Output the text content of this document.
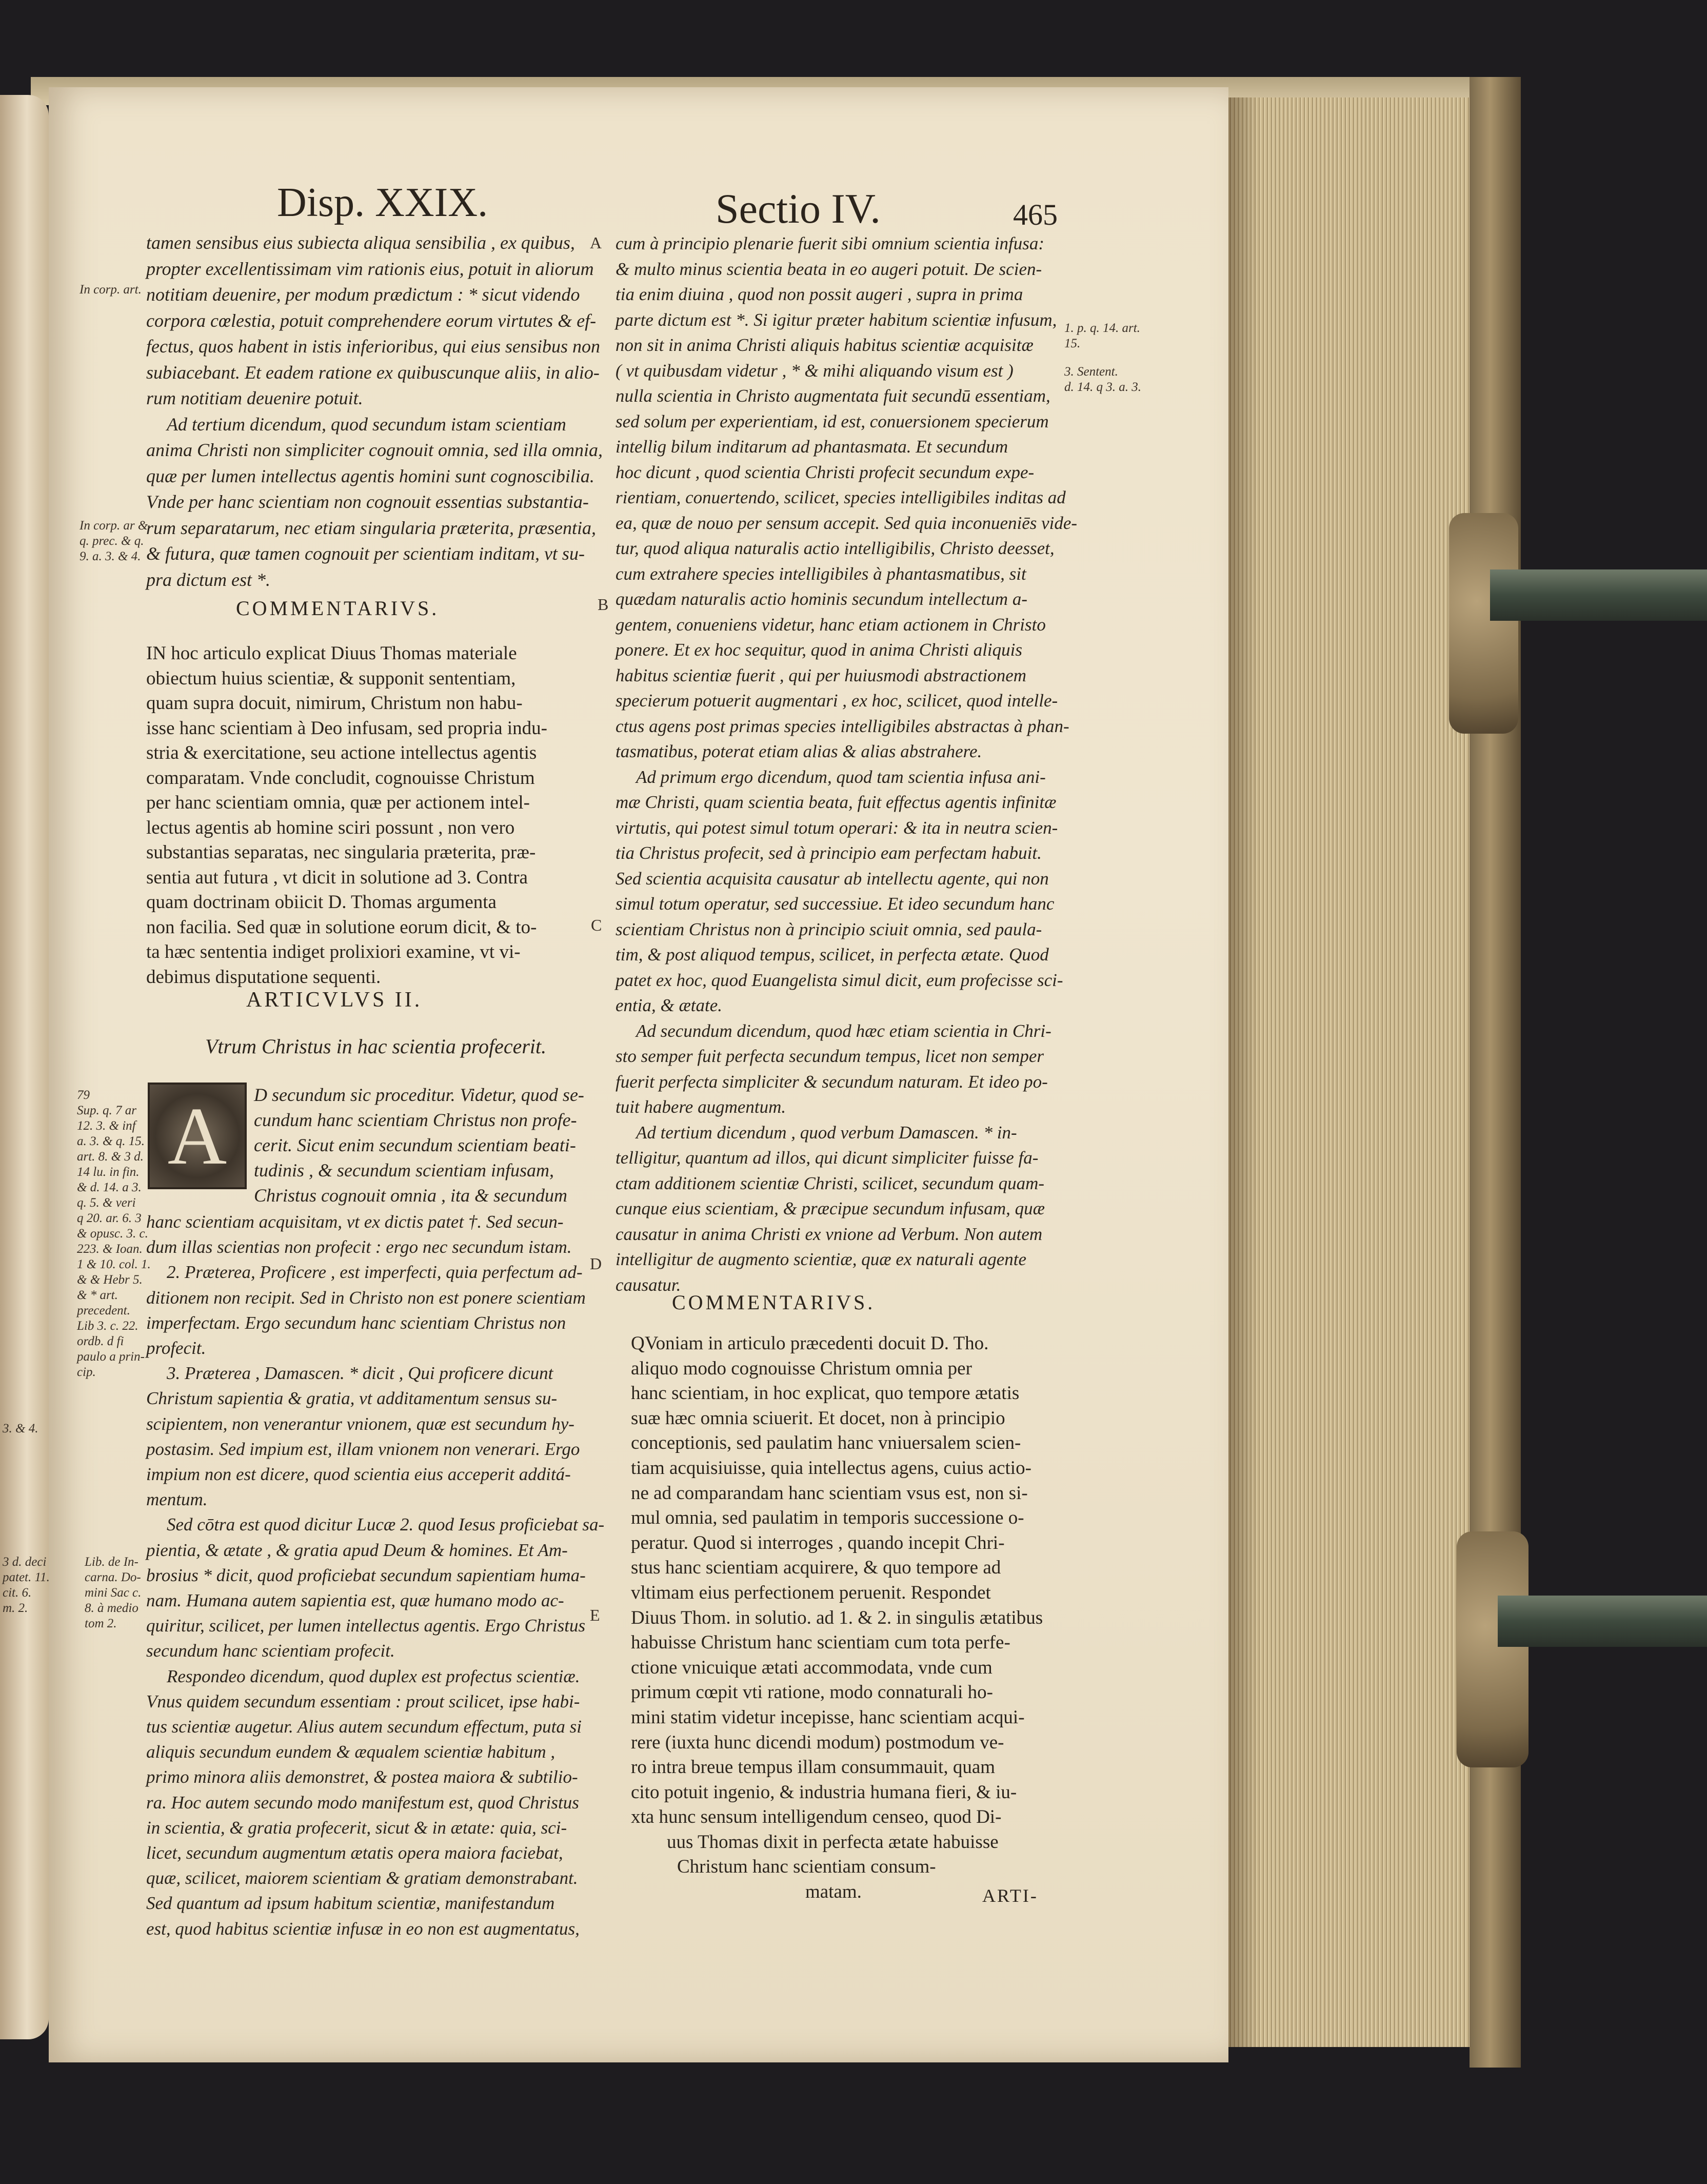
Disp. XXIX.	Sectio IV.	465
A
B
C
D
E
In corp. art.
In corp. ar &
q. prec. & q.
9. a. 3. & 4.
79
Sup. q. 7 ar
12. 3. & inf
a. 3. & q. 15.
art. 8. & 3 d.
14 lu. in fin.
& d. 14. a 3.
q. 5. & veri
q 20. ar. 6. 3
& opusc. 3. c.
223. & Ioan.
1 & 10. col. 1.
& & Hebr 5.
& * art.
precedent.
Lib 3. c. 22.
ordb. d fi
paulo a prin-
cip.
Lib. de In-
carna. Do-
mini Sac c.
8. à medio
tom 2.
3. & 4.
3 d. deci
patet. 11.
cit. 6.
m. 2.
1. p. q. 14. art.
15.
3. Sentent.
d. 14. q 3. a. 3.
tamen sensibus eius subiecta aliqua sensibilia , ex quibus,
propter excellentissimam vim rationis eius, potuit in aliorum
notitiam deuenire, per modum prædictum : * sicut videndo
corpora cœlestia, potuit comprehendere eorum virtutes & ef-
fectus, quos habent in istis inferioribus, qui eius sensibus non
subiacebant. Et eadem ratione ex quibuscunque aliis, in alio-
rum notitiam deuenire potuit.
Ad tertium dicendum, quod secundum istam scientiam
anima Christi non simpliciter cognouit omnia, sed illa omnia,
quæ per lumen intellectus agentis homini sunt cognoscibilia.
Vnde per hanc scientiam non cognouit essentias substantia-
rum separatarum, nec etiam singularia præterita, præsentia,
& futura, quæ tamen cognouit per scientiam inditam, vt su-
pra dictum est *.
COMMENTARIVS.
IN hoc articulo explicat Diuus Thomas materiale
obiectum huius scientiæ, & supponit sententiam,
quam supra docuit, nimirum, Christum non habu-
isse hanc scientiam à Deo infusam, sed propria indu-
stria & exercitatione, seu actione intellectus agentis
comparatam. Vnde concludit, cognouisse Christum
per hanc scientiam omnia, quæ per actionem intel-
lectus agentis ab homine sciri possunt , non vero
substantias separatas, nec singularia præterita, præ-
sentia aut futura , vt dicit in solutione ad 3. Contra
quam doctrinam obiicit D. Thomas argumenta
non facilia. Sed quæ in solutione eorum dicit, & to-
ta hæc sententia indiget prolixiori examine, vt vi-
debimus disputatione sequenti.
ARTICVLVS II.
Vtrum Christus in hac scientia profecerit.
A	D secundum sic proceditur. Videtur, quod se-
cundum hanc scientiam Christus non profe-
cerit. Sicut enim secundum scientiam beati-
tudinis , & secundum scientiam infusam,
Christus cognouit omnia , ita & secundum
hanc scientiam acquisitam, vt ex dictis patet †. Sed secun-
dum illas scientias non profecit : ergo nec secundum istam.
2. Præterea, Proficere , est imperfecti, quia perfectum ad-
ditionem non recipit. Sed in Christo non est ponere scientiam
imperfectam. Ergo secundum hanc scientiam Christus non
profecit.
3. Præterea , Damascen. * dicit , Qui proficere dicunt
Christum sapientia & gratia, vt additamentum sensus su-
scipientem, non venerantur vnionem, quæ est secundum hy-
postasim. Sed impium est, illam vnionem non venerari. Ergo
impium non est dicere, quod scientia eius acceperit additá-
mentum.
Sed cōtra est quod dicitur Lucæ 2. quod Iesus proficiebat sa-
pientia, & ætate , & gratia apud Deum & homines. Et Am-
brosius * dicit, quod proficiebat secundum sapientiam huma-
nam. Humana autem sapientia est, quæ humano modo ac-
quiritur, scilicet, per lumen intellectus agentis. Ergo Christus
secundum hanc scientiam profecit.
Respondeo dicendum, quod duplex est profectus scientiæ.
Vnus quidem secundum essentiam : prout scilicet, ipse habi-
tus scientiæ augetur. Alius autem secundum effectum, puta si
aliquis secundum eundem & æqualem scientiæ habitum ,
primo minora aliis demonstret, & postea maiora & subtilio-
ra. Hoc autem secundo modo manifestum est, quod Christus
in scientia, & gratia profecerit, sicut & in ætate: quia, sci-
licet, secundum augmentum ætatis opera maiora faciebat,
quæ, scilicet, maiorem scientiam & gratiam demonstrabant.
Sed quantum ad ipsum habitum scientiæ, manifestandum
est, quod habitus scientiæ infusæ in eo non est augmentatus,
cum à principio plenarie fuerit sibi omnium scientia infusa:
& multo minus scientia beata in eo augeri potuit. De scien-
tia enim diuina , quod non possit augeri , supra in prima
parte dictum est *. Si igitur præter habitum scientiæ infusum,
non sit in anima Christi aliquis habitus scientiæ acquisitæ
( vt quibusdam videtur , * & mihi aliquando visum est )
nulla scientia in Christo augmentata fuit secundū essentiam,
sed solum per experientiam, id est, conuersionem specierum
intellig bilum inditarum ad phantasmata. Et secundum
hoc dicunt , quod scientia Christi profecit secundum expe-
rientiam, conuertendo, scilicet, species intelligibiles inditas ad
ea, quæ de nouo per sensum accepit. Sed quia inconueniēs vide-
tur, quod aliqua naturalis actio intelligibilis, Christo deesset,
cum extrahere species intelligibiles à phantasmatibus, sit
quædam naturalis actio hominis secundum intellectum a-
gentem, conueniens videtur, hanc etiam actionem in Christo
ponere. Et ex hoc sequitur, quod in anima Christi aliquis
habitus scientiæ fuerit , qui per huiusmodi abstractionem
specierum potuerit augmentari , ex hoc, scilicet, quod intelle-
ctus agens post primas species intelligibiles abstractas à phan-
tasmatibus, poterat etiam alias & alias abstrahere.
Ad primum ergo dicendum, quod tam scientia infusa ani-
mæ Christi, quam scientia beata, fuit effectus agentis infinitæ
virtutis, qui potest simul totum operari: & ita in neutra scien-
tia Christus profecit, sed à principio eam perfectam habuit.
Sed scientia acquisita causatur ab intellectu agente, qui non
simul totum operatur, sed successiue. Et ideo secundum hanc
scientiam Christus non à principio sciuit omnia, sed paula-
tim, & post aliquod tempus, scilicet, in perfecta ætate. Quod
patet ex hoc, quod Euangelista simul dicit, eum profecisse sci-
entia, & ætate.
Ad secundum dicendum, quod hæc etiam scientia in Chri-
sto semper fuit perfecta secundum tempus, licet non semper
fuerit perfecta simpliciter & secundum naturam. Et ideo po-
tuit habere augmentum.
Ad tertium dicendum , quod verbum Damascen. * in-
telligitur, quantum ad illos, qui dicunt simpliciter fuisse fa-
ctam additionem scientiæ Christi, scilicet, secundum quam-
cunque eius scientiam, & præcipue secundum infusam, quæ
causatur in anima Christi ex vnione ad Verbum. Non autem
intelligitur de augmento scientiæ, quæ ex naturali agente
causatur.
COMMENTARIVS.
QVoniam in articulo præcedenti docuit D. Tho.
aliquo modo cognouisse Christum omnia per
hanc scientiam, in hoc explicat, quo tempore ætatis
suæ hæc omnia sciuerit. Et docet, non à principio
conceptionis, sed paulatim hanc vniuersalem scien-
tiam acquisiuisse, quia intellectus agens, cuius actio-
ne ad comparandam hanc scientiam vsus est, non si-
mul omnia, sed paulatim in temporis successione o-
peratur. Quod si interroges , quando incepit Chri-
stus hanc scientiam acquirere, & quo tempore ad
vltimam eius perfectionem peruenit. Respondet
Diuus Thom. in solutio. ad 1. & 2. in singulis ætatibus
habuisse Christum hanc scientiam cum tota perfe-
ctione vnicuique ætati accommodata, vnde cum
primum cœpit vti ratione, modo connaturali ho-
mini statim videtur incepisse, hanc scientiam acqui-
rere (iuxta hunc dicendi modum) postmodum ve-
ro intra breue tempus illam consummauit, quam
cito potuit ingenio, & industria humana fieri, & iu-
xta hunc sensum intelligendum censeo, quod Di-
uus Thomas dixit in perfecta ætate habuisse
Christum hanc scientiam consum-
matam.	ARTI-
